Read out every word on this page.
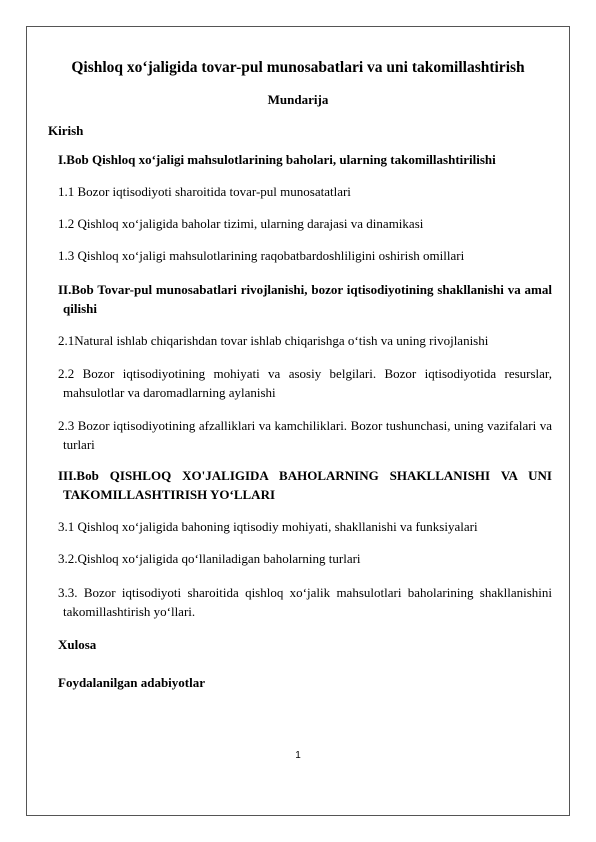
Qishloq xo‘jaligida tovar-pul munosabatlari va uni takomillashtirish
Mundarija

Kirish

I.Bob Qishloq xo‘jaligi mahsulotlarining baholari, ularning takomillashtirilishi

1.1 Bozor iqtisodiyoti sharoitida tovar-pul munosatatlari

1.2 Qishloq xo‘jaligida baholar tizimi, ularning darajasi va dinamikasi

1.3 Qishloq xo‘jaligi mahsulotlarining raqobatbardoshliligini oshirish omillari

II.Bob Tovar-pul munosabatlari rivojlanishi, bozor iqtisodiyotining shakllanishi va amal qilishi

2.1Natural ishlab chiqarishdan tovar ishlab chiqarishga o‘tish va uning rivojlanishi

2.2 Bozor iqtisodiyotining mohiyati va asosiy belgilari. Bozor iqtisodiyotida resurslar, mahsulotlar va daromadlarning aylanishi

2.3 Bozor iqtisodiyotining afzalliklari va kamchiliklari. Bozor tushunchasi, uning vazifalari va turlari

III.Bob QISHLOQ XO'JALIGIDA BAHOLARNING SHAKLLANISHI VA UNI TAKOMILLASHTIRISH YO‘LLARI

3.1 Qishloq xo‘jaligida bahoning iqtisodiy mohiyati, shakllanishi va funksiyalari

3.2.Qishloq xo‘jaligida qo‘llaniladigan baholarning turlari

3.3. Bozor iqtisodiyoti sharoitida qishloq xo‘jalik mahsulotlari baholarining shakllanishini takomillashtirish yo‘llari.

Xulosa

Foydalanilgan adabiyotlar

1
